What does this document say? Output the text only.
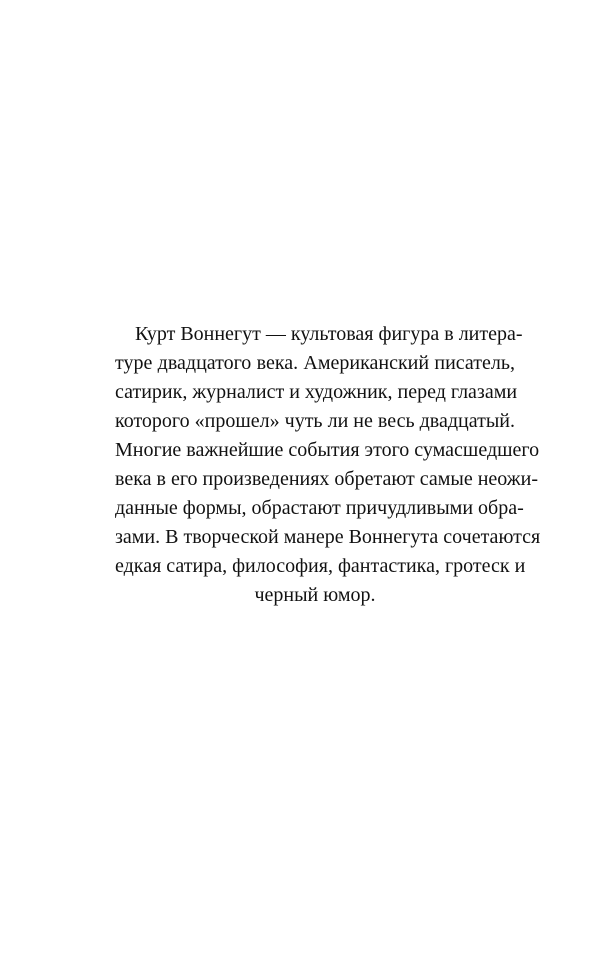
Курт Воннегут — культовая фигура в литера-
туре двадцатого века. Американский писатель,
сатирик, журналист и художник, перед глазами
которого «прошел» чуть ли не весь двадцатый.
Многие важнейшие события этого сумасшедшего
века в его произведениях обретают самые неожи-
данные формы, обрастают причудливыми обра-
зами. В творческой манере Воннегута сочетаются
едкая сатира, философия, фантастика, гротеск и
черный юмор.
